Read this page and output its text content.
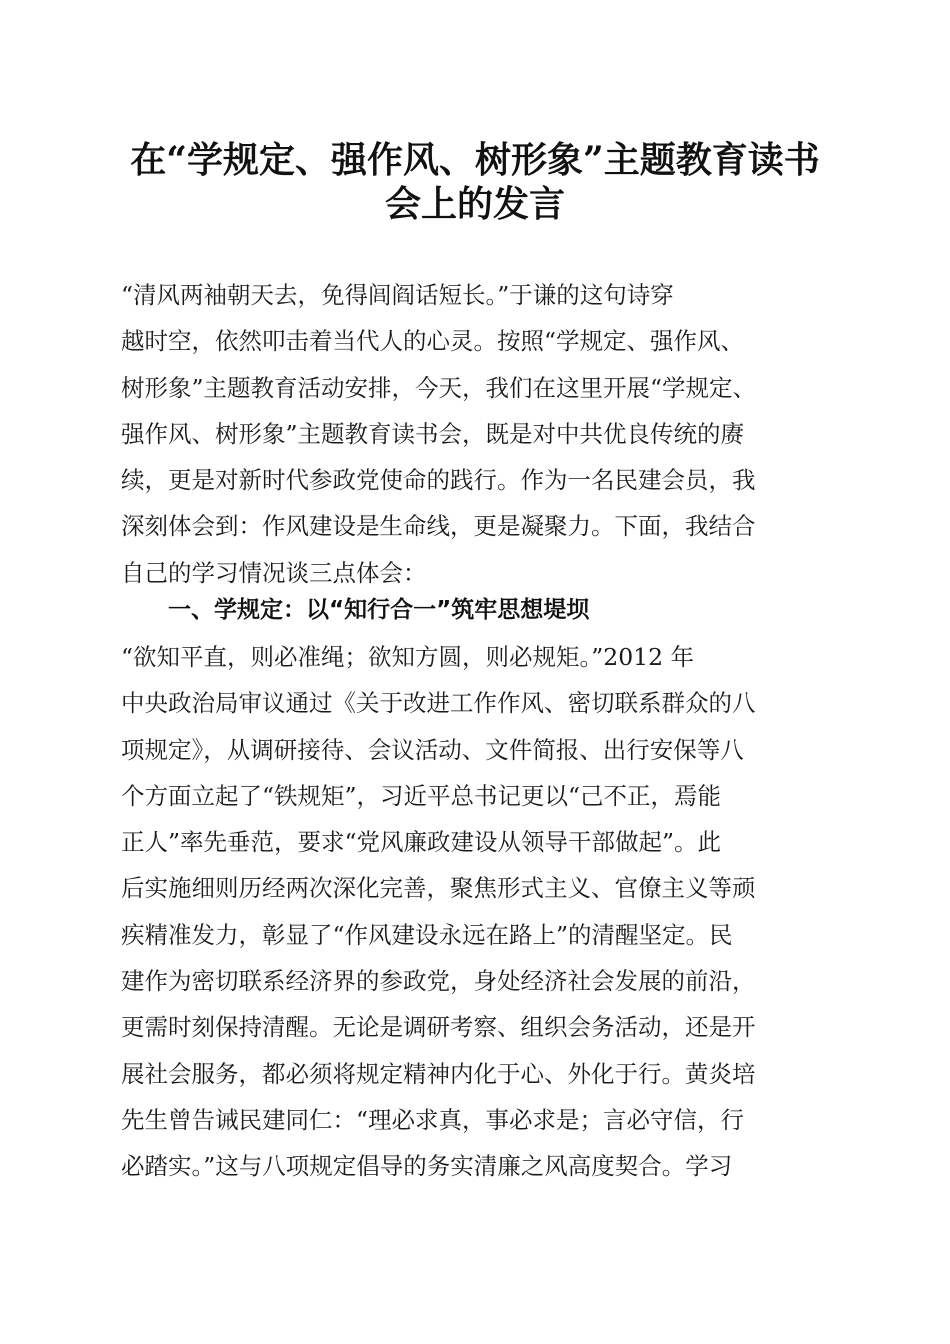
在“学规定、强作风、树形象”主题教育读书
会上的发言
“清风两袖朝天去，免得闾阎话短长。”于谦的这句诗穿
越时空，依然叩击着当代人的心灵。按照“学规定、强作风、
树形象”主题教育活动安排，今天，我们在这里开展“学规定、
强作风、树形象”主题教育读书会，既是对中共优良传统的赓
续，更是对新时代参政党使命的践行。作为一名民建会员，我
深刻体会到：作风建设是生命线，更是凝聚力。下面，我结合
自己的学习情况谈三点体会：
一、学规定：以“知行合一”筑牢思想堤坝
“欲知平直，则必准绳；欲知方圆，则必规矩。”2012 年
中央政治局审议通过《关于改进工作作风、密切联系群众的八
项规定》，从调研接待、会议活动、文件简报、出行安保等八
个方面立起了“铁规矩”，习近平总书记更以“己不正，焉能
正人”率先垂范，要求“党风廉政建设从领导干部做起”。此
后实施细则历经两次深化完善，聚焦形式主义、官僚主义等顽
疾精准发力，彰显了“作风建设永远在路上”的清醒坚定。民
建作为密切联系经济界的参政党，身处经济社会发展的前沿，
更需时刻保持清醒。无论是调研考察、组织会务活动，还是开
展社会服务，都必须将规定精神内化于心、外化于行。黄炎培
先生曾告诫民建同仁：“理必求真，事必求是；言必守信，行
必踏实。”这与八项规定倡导的务实清廉之风高度契合。学习
